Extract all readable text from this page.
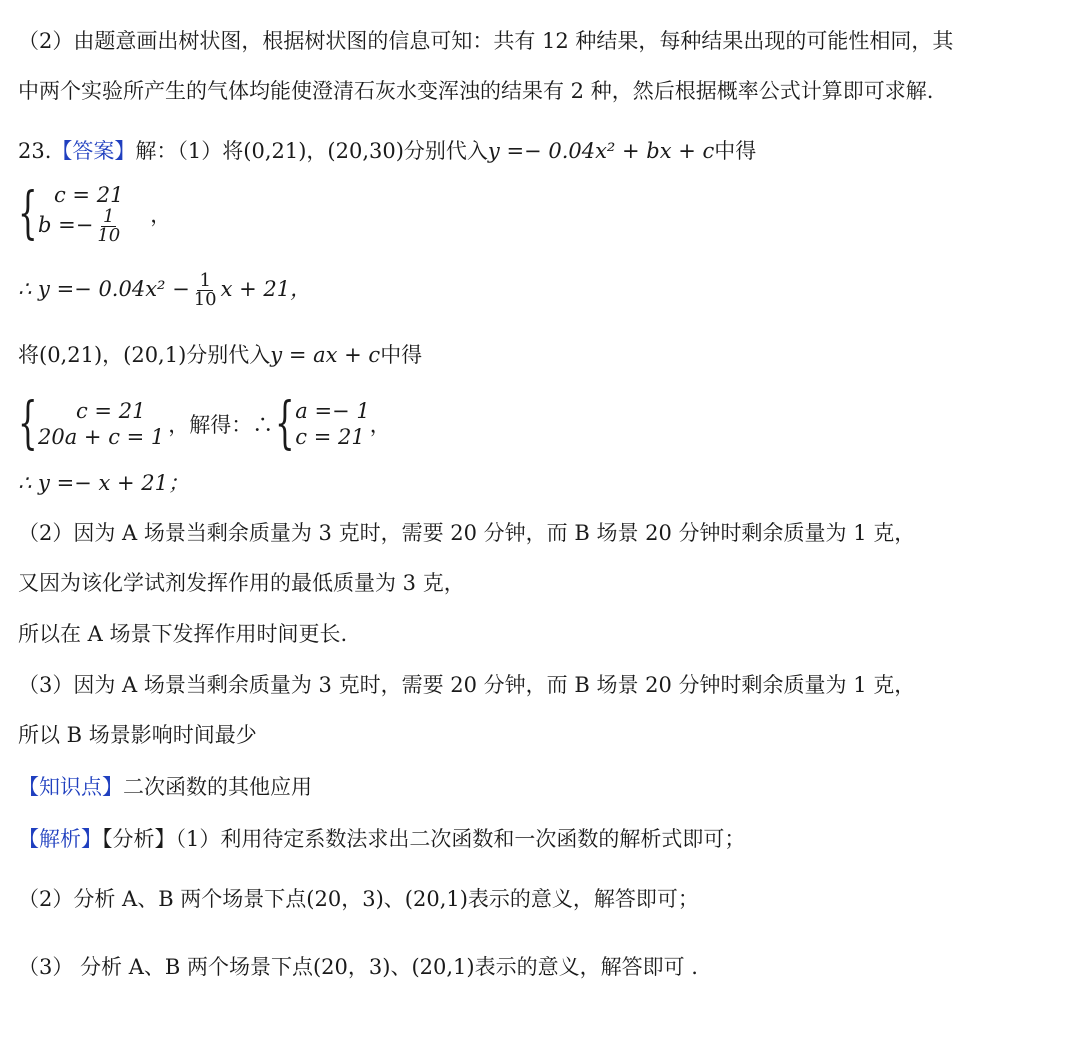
（2）由题意画出树状图，根据树状图的信息可知：共有 12 种结果，每种结果出现的可能性相同，其
中两个实验所产生的气体均能使澄清石灰水变浑浊的结果有 2 种，然后根据概率公式计算即可求解.
23.【答案】解：（1）将(0,21)，(20,30)分别代入y =− 0.04x² + bx + c中得
{ c = 21
$b =- \frac{1}{10}$ ，
∴ $y =- 0.04x^2 - \frac{1}{10}$ x + 21，
将(0,21)，(20,1)分别代入y = ax + c中得
{	c = 21
20a + c = 1 ，解得：∴ { a =− 1
c = 21 ，
∴ y =− x + 21；
（2）因为 A 场景当剩余质量为 3 克时，需要 20 分钟，而 B 场景 20 分钟时剩余质量为 1 克，
又因为该化学试剂发挥作用的最低质量为 3 克，
所以在 A 场景下发挥作用时间更长.
（3）因为 A 场景当剩余质量为 3 克时，需要 20 分钟，而 B 场景 20 分钟时剩余质量为 1 克，
所以 B 场景影响时间最少
【知识点】二次函数的其他应用
【解析】【分析】（1）利用待定系数法求出二次函数和一次函数的解析式即可；
（2）分析 A、B 两个场景下点(20，3)、(20,1)表示的意义，解答即可；
（3） 分析 A、B 两个场景下点(20，3)、(20,1)表示的意义，解答即可 .
